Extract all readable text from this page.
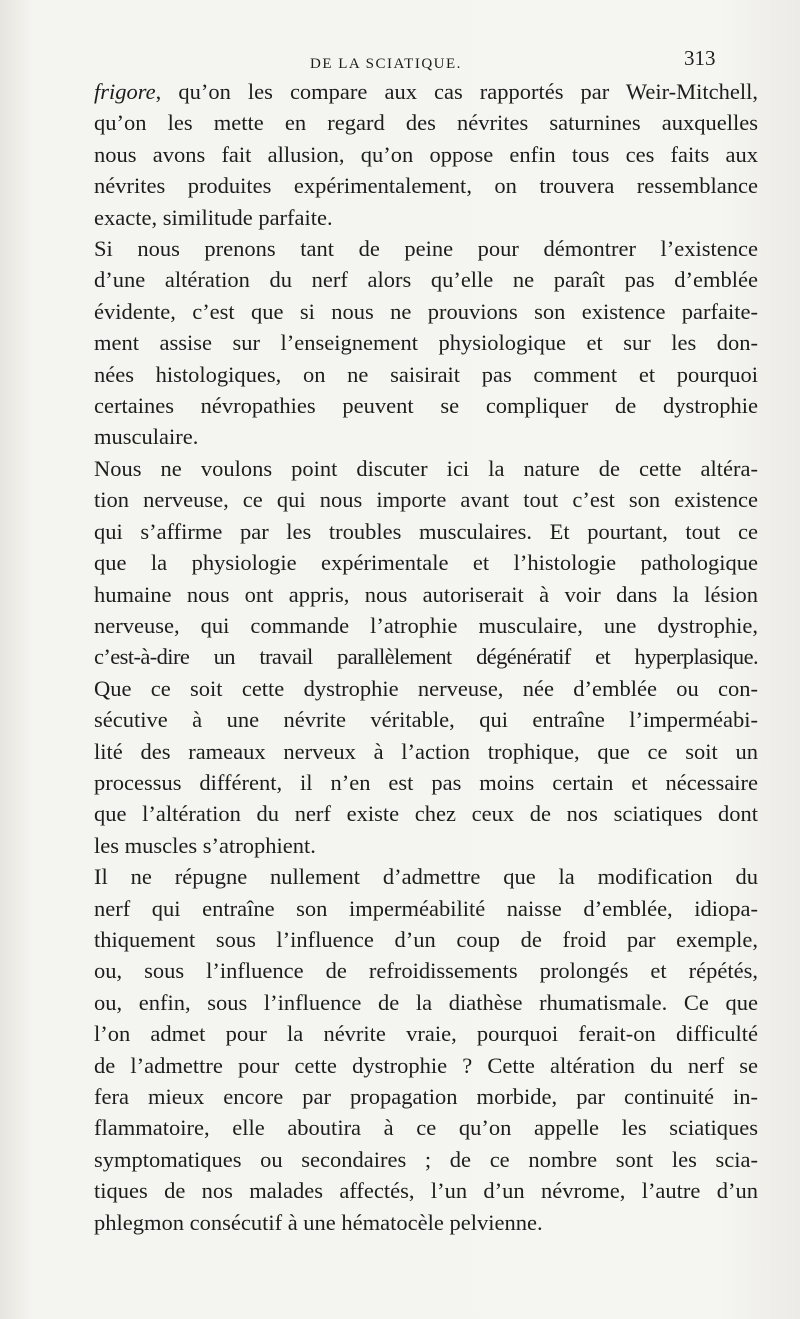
DE LA SCIATIQUE.	313

frigore, qu’on les compare aux cas rapportés par Weir-Mitchell,
qu’on les mette en regard des névrites saturnines auxquelles
nous avons fait allusion, qu’on oppose enfin tous ces faits aux
névrites produites expérimentalement, on trouvera ressemblance
exacte, similitude parfaite.

Si nous prenons tant de peine pour démontrer l’existence
d’une altération du nerf alors qu’elle ne paraît pas d’emblée
évidente, c’est que si nous ne prouvions son existence parfaite-
ment assise sur l’enseignement physiologique et sur les don-
nées histologiques, on ne saisirait pas comment et pourquoi
certaines névropathies peuvent se compliquer de dystrophie
musculaire.

Nous ne voulons point discuter ici la nature de cette altéra-
tion nerveuse, ce qui nous importe avant tout c’est son existence
qui s’affirme par les troubles musculaires. Et pourtant, tout ce
que la physiologie expérimentale et l’histologie pathologique
humaine nous ont appris, nous autoriserait à voir dans la lésion
nerveuse, qui commande l’atrophie musculaire, une dystrophie,
c’est-à-dire un travail parallèlement dégénératif et hyperplasique.

Que ce soit cette dystrophie nerveuse, née d’emblée ou con-
sécutive à une névrite véritable, qui entraîne l’imperméabi-
lité des rameaux nerveux à l’action trophique, que ce soit un
processus différent, il n’en est pas moins certain et nécessaire
que l’altération du nerf existe chez ceux de nos sciatiques dont
les muscles s’atrophient.

Il ne répugne nullement d’admettre que la modification du
nerf qui entraîne son imperméabilité naisse d’emblée, idiopa-
thiquement sous l’influence d’un coup de froid par exemple,
ou, sous l’influence de refroidissements prolongés et répétés,
ou, enfin, sous l’influence de la diathèse rhumatismale. Ce que
l’on admet pour la névrite vraie, pourquoi ferait-on difficulté
de l’admettre pour cette dystrophie ? Cette altération du nerf se
fera mieux encore par propagation morbide, par continuité in-
flammatoire, elle aboutira à ce qu’on appelle les sciatiques
symptomatiques ou secondaires ; de ce nombre sont les scia-
tiques de nos malades affectés, l’un d’un névrome, l’autre d’un
phlegmon consécutif à une hématocèle pelvienne.
